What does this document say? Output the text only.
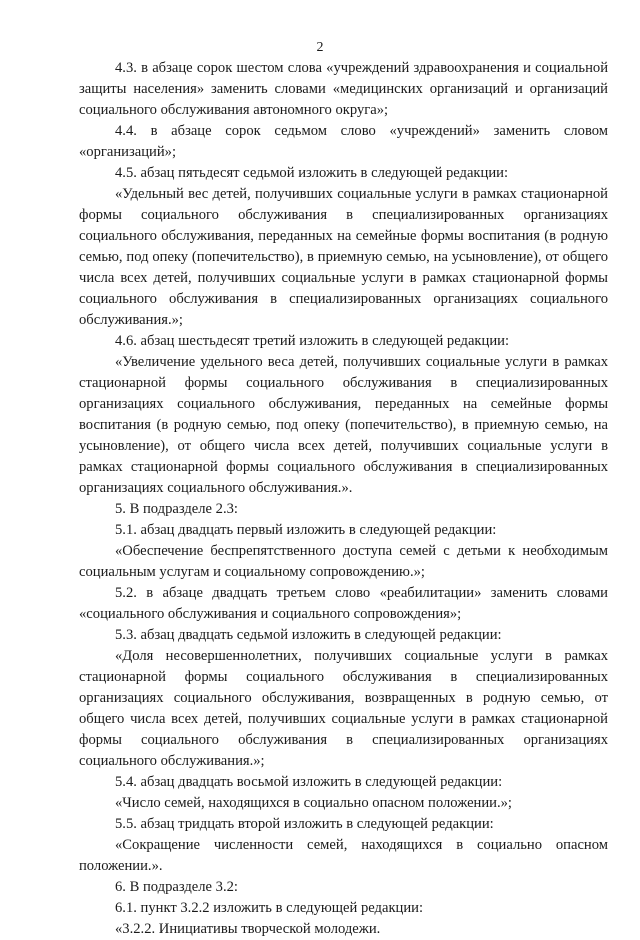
2

4.3. в абзаце сорок шестом слова «учреждений здравоохранения и социальной защиты населения» заменить словами «медицинских организаций и организаций социального обслуживания автономного округа»;

4.4. в абзаце сорок седьмом слово «учреждений» заменить словом «организаций»;

4.5. абзац пятьдесят седьмой изложить в следующей редакции:

«Удельный вес детей, получивших социальные услуги в рамках стационарной формы социального обслуживания в специализированных организациях социального обслуживания, переданных на семейные формы воспитания (в родную семью, под опеку (попечительство), в приемную семью, на усыновление), от общего числа всех детей, получивших социальные услуги в рамках стационарной формы социального обслуживания в специализированных организациях социального обслуживания.»;

4.6. абзац шестьдесят третий изложить в следующей редакции:

«Увеличение удельного веса детей, получивших социальные услуги в рамках стационарной формы социального обслуживания в специализированных организациях социального обслуживания, переданных на семейные формы воспитания (в родную семью, под опеку (попечительство), в приемную семью, на усыновление), от общего числа всех детей, получивших социальные услуги в рамках стационарной формы социального обслуживания в специализированных организациях социального обслуживания.».

5. В подразделе 2.3:

5.1. абзац двадцать первый изложить в следующей редакции:

«Обеспечение беспрепятственного доступа семей с детьми к необходимым социальным услугам и социальному сопровождению.»;

5.2. в абзаце двадцать третьем слово «реабилитации» заменить словами «социального обслуживания и социального сопровождения»;

5.3. абзац двадцать седьмой изложить в следующей редакции:

«Доля несовершеннолетних, получивших социальные услуги в рамках стационарной формы социального обслуживания в специализированных организациях социального обслуживания, возвращенных в родную семью, от общего числа всех детей, получивших социальные услуги в рамках стационарной формы социального обслуживания в специализированных организациях социального обслуживания.»;

5.4. абзац двадцать восьмой изложить в следующей редакции:

«Число семей, находящихся в социально опасном положении.»;

5.5. абзац тридцать второй изложить в следующей редакции:

«Сокращение численности семей, находящихся в социально опасном положении.».

6. В подразделе 3.2:

6.1. пункт 3.2.2 изложить в следующей редакции:

«3.2.2. Инициативы творческой молодежи.
